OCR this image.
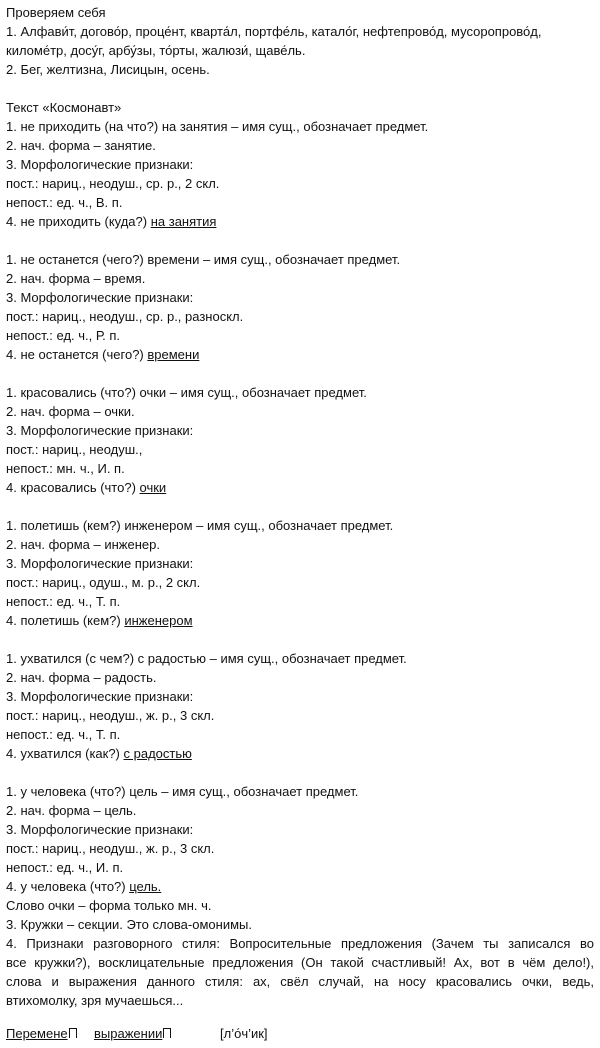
Проверяем себя
1. Алфави́т, догово́р, проце́нт, кварта́л, портфе́ль, катало́г, нефтепрово́д, мусоропрово́д,
киломе́тр, досу́г, арбу́зы, то́рты, жалюзи́, щаве́ль.
2. Бег, желтизна, Лисицын, осень.
Текст «Космонавт»
1. не приходить (на что?) на занятия – имя сущ., обозначает предмет.
2. нач. форма – занятие.
3. Морфологические признаки:
пост.: нариц., неодуш., ср. р., 2 скл.
непост.: ед. ч., В. п.
4. не приходить (куда?) на занятия
1. не останется (чего?) времени – имя сущ., обозначает предмет.
2. нач. форма – время.
3. Морфологические признаки:
пост.: нариц., неодуш., ср. р., разноскл.
непост.: ед. ч., Р. п.
4. не останется (чего?) времени
1. красовались (что?) очки – имя сущ., обозначает предмет.
2. нач. форма – очки.
3. Морфологические признаки:
пост.: нариц., неодуш.,
непост.: мн. ч., И. п.
4. красовались (что?) очки
1. полетишь (кем?) инженером – имя сущ., обозначает предмет.
2. нач. форма – инженер.
3. Морфологические признаки:
пост.: нариц., одуш., м. р., 2 скл.
непост.: ед. ч., Т. п.
4. полетишь (кем?) инженером
1. ухватился (с чем?) с радостью – имя сущ., обозначает предмет.
2. нач. форма – радость.
3. Морфологические признаки:
пост.: нариц., неодуш., ж. р., 3 скл.
непост.: ед. ч., Т. п.
4. ухватился (как?) с радостью
1. у человека (что?) цель – имя сущ., обозначает предмет.
2. нач. форма – цель.
3. Морфологические признаки:
пост.: нариц., неодуш., ж. р., 3 скл.
непост.: ед. ч., И. п.
4. у человека (что?) цель.
Слово очки – форма только мн. ч.
3. Кружки – секции. Это слова-омонимы.
4. Признаки разговорного стиля: Вопросительные предложения (Зачем ты записался во
все кружки?), восклицательные предложения (Он такой счастливый! Ах, вот в чём дело!),
слова и выражения данного стиля: ах, свёл случай, на носу красовались очки, ведь,
втихомолку, зря мучаешься...
Перемене	выражении	[л’о́ч’ик]
